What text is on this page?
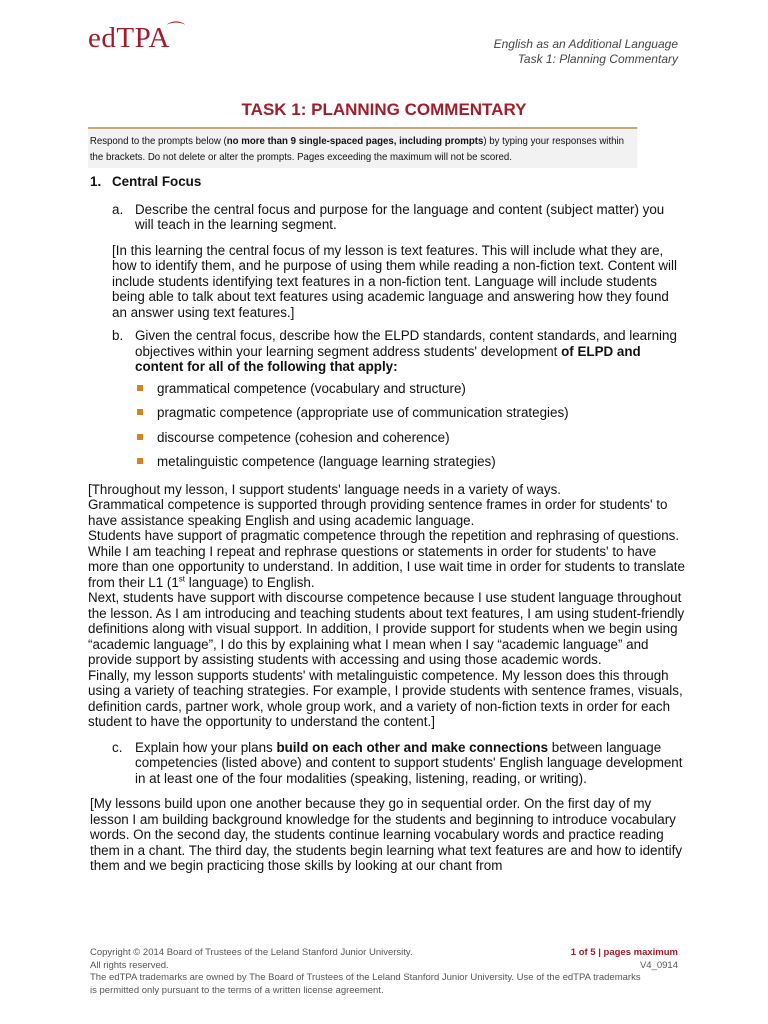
edTPA⌒
English as an Additional Language
Task 1: Planning Commentary
TASK 1: PLANNING COMMENTARY
Respond to the prompts below (no more than 9 single-spaced pages, including prompts) by typing your responses within the brackets. Do not delete or alter the prompts. Pages exceeding the maximum will not be scored.
1. Central Focus
a. Describe the central focus and purpose for the language and content (subject matter) you will teach in the learning segment.
[In this learning the central focus of my lesson is text features. This will include what they are, how to identify them, and he purpose of using them while reading a non-fiction text. Content will include students identifying text features in a non-fiction tent. Language will include students being able to talk about text features using academic language and answering how they found an answer using text features.]
b. Given the central focus, describe how the ELPD standards, content standards, and learning objectives within your learning segment address students' development of ELPD and content for all of the following that apply:
grammatical competence (vocabulary and structure)
pragmatic competence (appropriate use of communication strategies)
discourse competence (cohesion and coherence)
metalinguistic competence (language learning strategies)

[Throughout my lesson, I support students' language needs in a variety of ways.

Grammatical competence is supported through providing sentence frames in order for students' to have assistance speaking English and using academic language.

Students have support of pragmatic competence through the repetition and rephrasing of questions. While I am teaching I repeat and rephrase questions or statements in order for students' to have more than one opportunity to understand. In addition, I use wait time in order for students to translate from their L1 (1st language) to English.

Next, students have support with discourse competence because I use student language throughout the lesson. As I am introducing and teaching students about text features, I am using student-friendly definitions along with visual support. In addition, I provide support for students when we begin using “academic language”, I do this by explaining what I mean when I say “academic language” and provide support by assisting students with accessing and using those academic words.

Finally, my lesson supports students' with metalinguistic competence. My lesson does this through using a variety of teaching strategies. For example, I provide students with sentence frames, visuals, definition cards, partner work, whole group work, and a variety of non-fiction texts in order for each student to have the opportunity to understand the content.]

c. Explain how your plans build on each other and make connections between language competencies (listed above) and content to support students' English language development in at least one of the four modalities (speaking, listening, reading, or writing).
[My lessons build upon one another because they go in sequential order. On the first day of my lesson I am building background knowledge for the students and beginning to introduce vocabulary words. On the second day, the students continue learning vocabulary words and practice reading them in a chant. The third day, the students begin learning what text features are and how to identify them and we begin practicing those skills by looking at our chant from
Copyright © 2014 Board of Trustees of the Leland Stanford Junior University.
All rights reserved.
The edTPA trademarks are owned by The Board of Trustees of the Leland Stanford Junior University. Use of the edTPA trademarks is permitted only pursuant to the terms of a written license agreement.
1 of 5 | pages maximum
V4_0914
